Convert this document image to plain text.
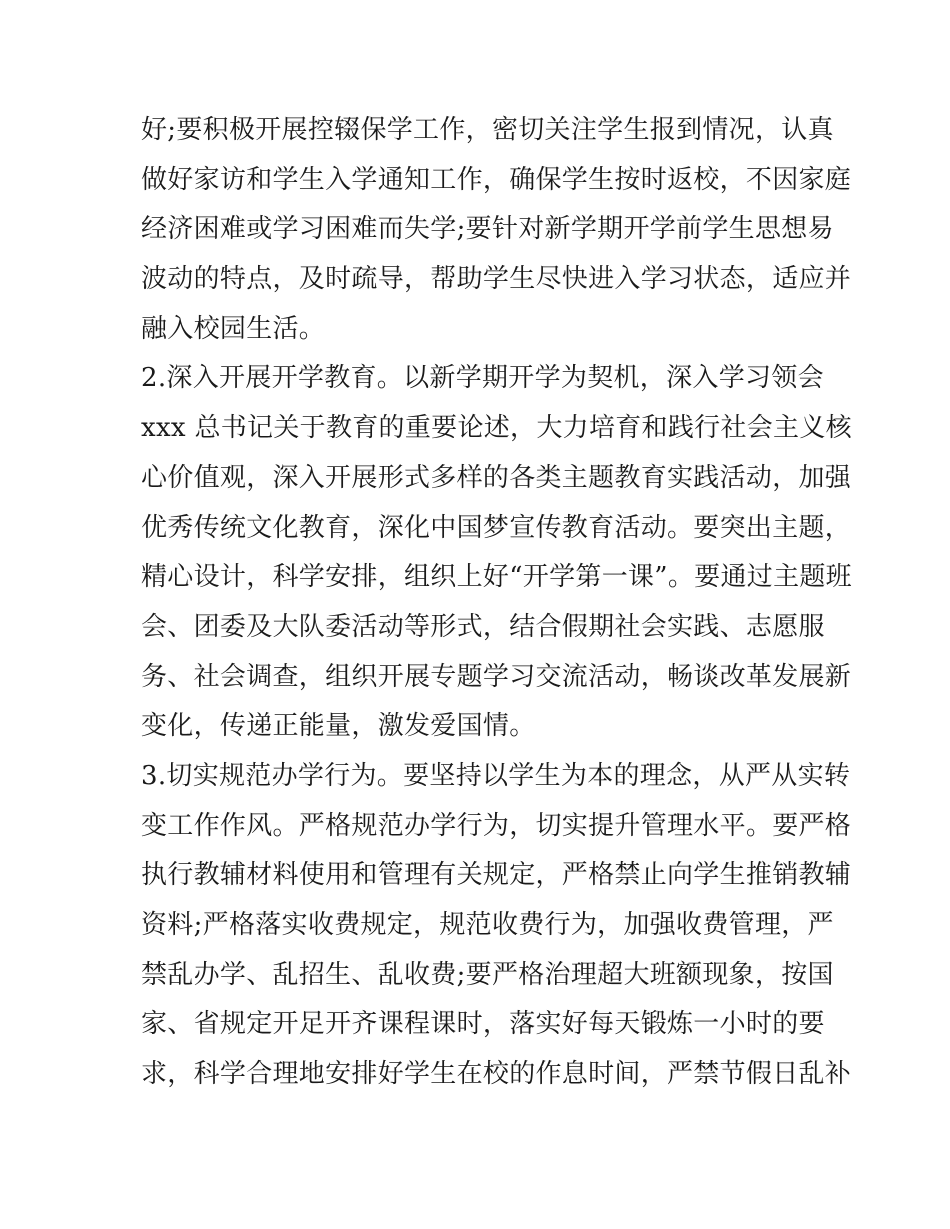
好;要积极开展控辍保学工作，密切关注学生报到情况，认真
做好家访和学生入学通知工作，确保学生按时返校，不因家庭
经济困难或学习困难而失学;要针对新学期开学前学生思想易
波动的特点，及时疏导，帮助学生尽快进入学习状态，适应并
融入校园生活。
2.深入开展开学教育。以新学期开学为契机，深入学习领会
xxx 总书记关于教育的重要论述，大力培育和践行社会主义核
心价值观，深入开展形式多样的各类主题教育实践活动，加强
优秀传统文化教育，深化中国梦宣传教育活动。要突出主题，
精心设计，科学安排，组织上好“开学第一课”。要通过主题班
会、团委及大队委活动等形式，结合假期社会实践、志愿服
务、社会调查，组织开展专题学习交流活动，畅谈改革发展新
变化，传递正能量，激发爱国情。
3.切实规范办学行为。要坚持以学生为本的理念，从严从实转
变工作作风。严格规范办学行为，切实提升管理水平。要严格
执行教辅材料使用和管理有关规定，严格禁止向学生推销教辅
资料;严格落实收费规定，规范收费行为，加强收费管理，严
禁乱办学、乱招生、乱收费;要严格治理超大班额现象，按国
家、省规定开足开齐课程课时，落实好每天锻炼一小时的要
求，科学合理地安排好学生在校的作息时间，严禁节假日乱补
